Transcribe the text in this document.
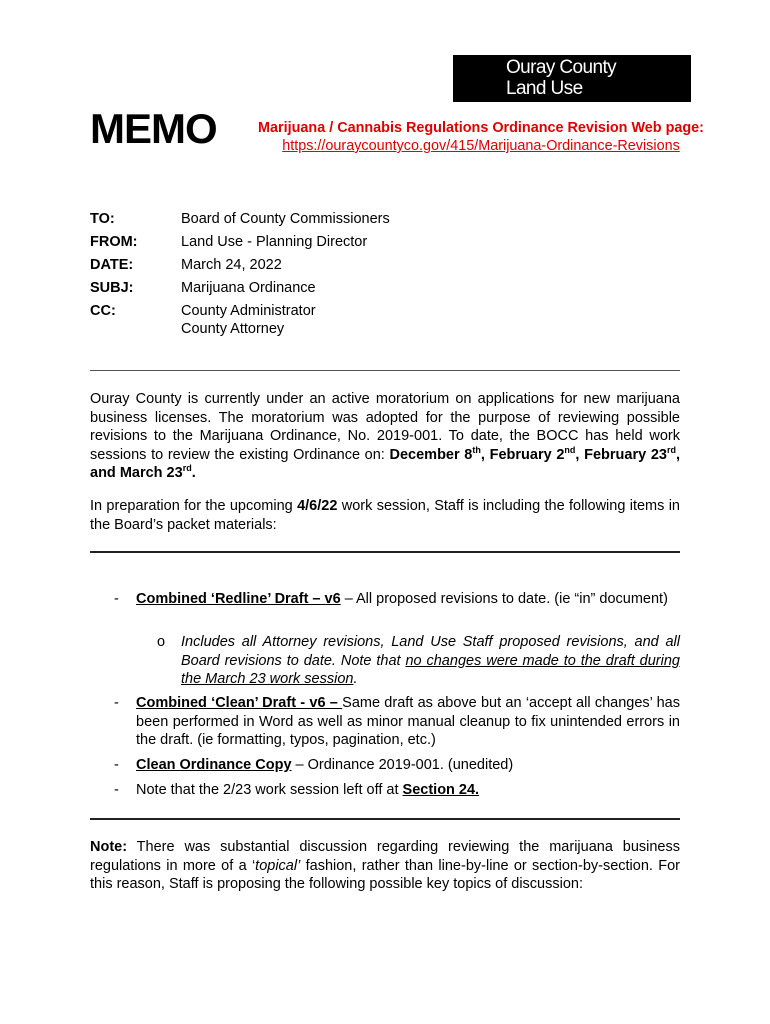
Ouray County
Land Use
MEMO	Marijuana / Cannabis Regulations Ordinance Revision Web page:
https://ouraycountyco.gov/415/Marijuana-Ordinance-Revisions
TO:	Board of County Commissioners
FROM:	Land Use - Planning Director
DATE:	March 24, 2022
SUBJ:	Marijuana Ordinance
CC:	County Administrator
County Attorney
Ouray County is currently under an active moratorium on applications for new marijuana business licenses. The moratorium was adopted for the purpose of reviewing possible revisions to the Marijuana Ordinance, No. 2019-001. To date, the BOCC has held work sessions to review the existing Ordinance on: December 8th, February 2nd, February 23rd, and March 23rd.
In preparation for the upcoming 4/6/22 work session, Staff is including the following items in the Board’s packet materials:
- Combined ‘Redline’ Draft – v6 – All proposed revisions to date. (ie “in” document)
o Includes all Attorney revisions, Land Use Staff proposed revisions, and all Board revisions to date. Note that no changes were made to the draft during the March 23 work session.
- Combined ‘Clean’ Draft - v6 – Same draft as above but an ‘accept all changes’ has been performed in Word as well as minor manual cleanup to fix unintended errors in the draft. (ie formatting, typos, pagination, etc.)
- Clean Ordinance Copy – Ordinance 2019-001. (unedited)
- Note that the 2/23 work session left off at Section 24.
Note: There was substantial discussion regarding reviewing the marijuana business regulations in more of a ‘topical’ fashion, rather than line-by-line or section-by-section. For this reason, Staff is proposing the following possible key topics of discussion:
